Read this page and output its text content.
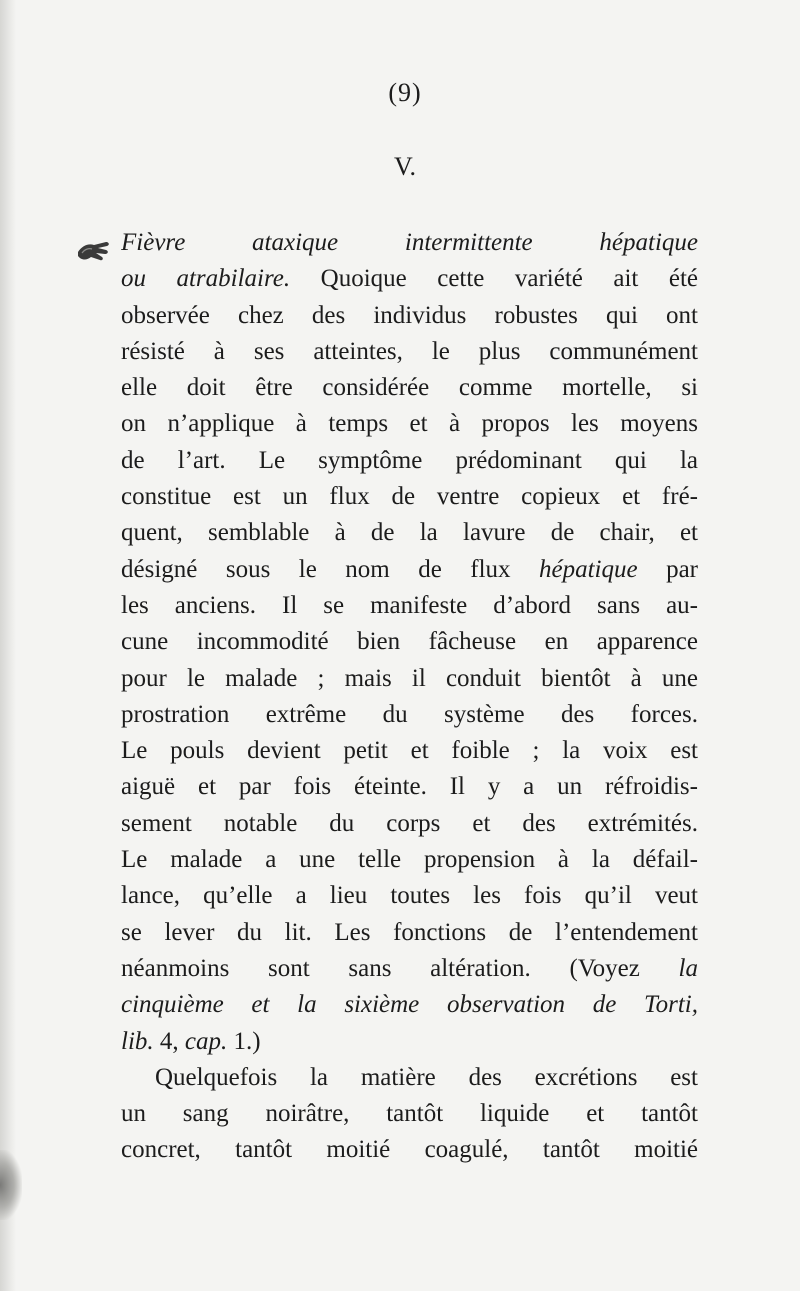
(9)
V.
Fièvre ataxique intermittente hépatique
ou atrabilaire. Quoique cette variété ait été
observée chez des individus robustes qui ont
résisté à ses atteintes, le plus communément
elle doit être considérée comme mortelle, si
on n’applique à temps et à propos les moyens
de l’art. Le symptôme prédominant qui la
constitue est un flux de ventre copieux et fré-
quent, semblable à de la lavure de chair, et
désigné sous le nom de flux hépatique par
les anciens. Il se manifeste d’abord sans au-
cune incommodité bien fâcheuse en apparence
pour le malade ; mais il conduit bientôt à une
prostration extrême du système des forces.
Le pouls devient petit et foible ; la voix est
aiguë et par fois éteinte. Il y a un réfroidis-
sement notable du corps et des extrémités.
Le malade a une telle propension à la défail-
lance, qu’elle a lieu toutes les fois qu’il veut
se lever du lit. Les fonctions de l’entendement
néanmoins sont sans altération. (Voyez la
cinquième et la sixième observation de Torti,
lib. 4, cap. 1.)
Quelquefois la matière des excrétions est
un sang noirâtre, tantôt liquide et tantôt
concret, tantôt moitié coagulé, tantôt moitié
